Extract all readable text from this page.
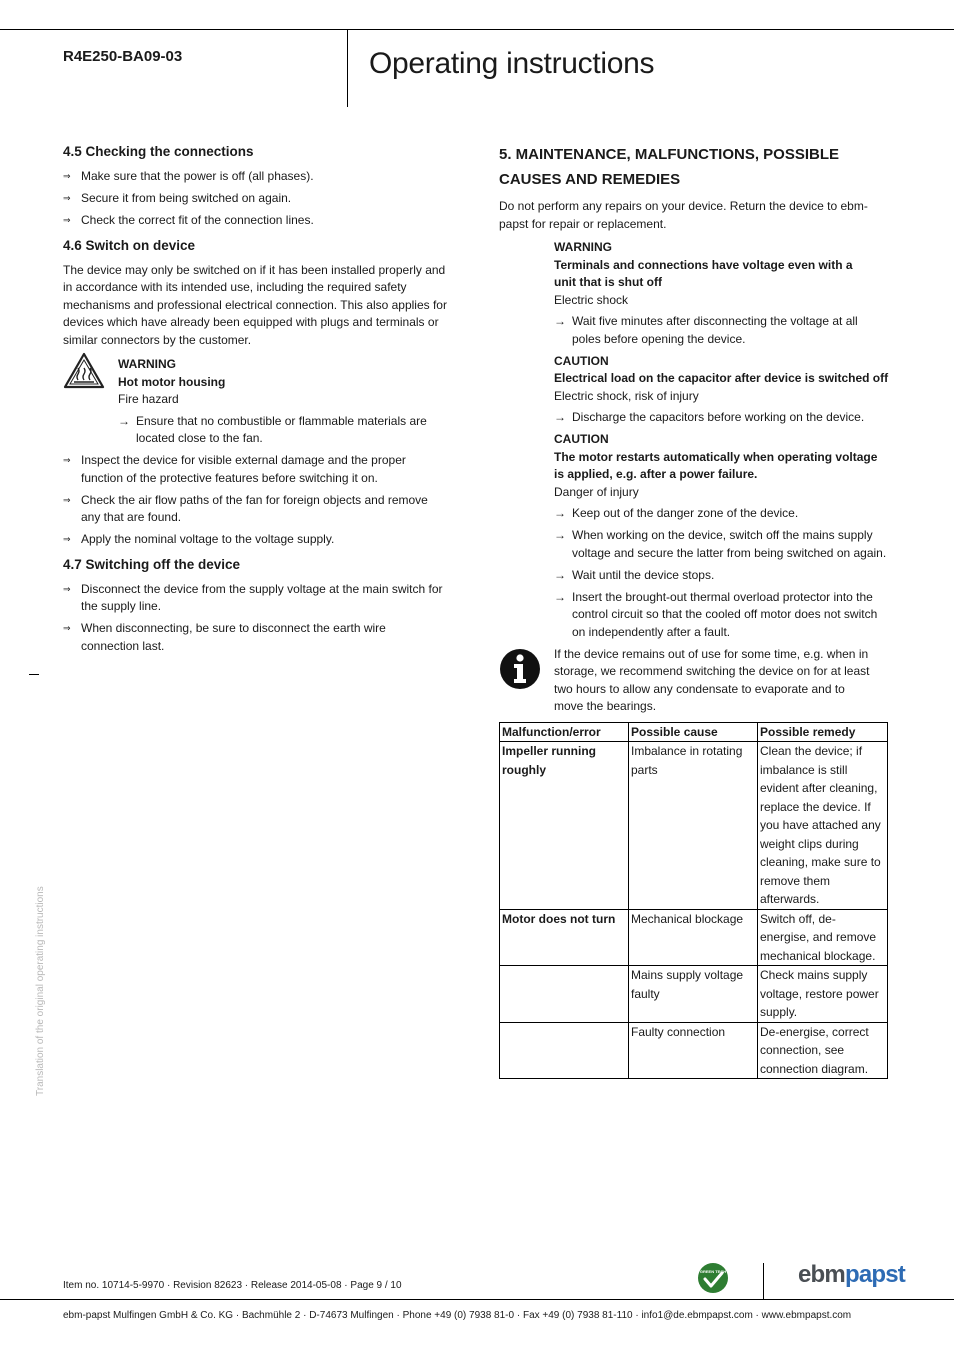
R4E250-BA09-03	Operating instructions
Translation of the original operating instructions
4.5 Checking the connections
⇒ Make sure that the power is off (all phases).
⇒ Secure it from being switched on again.
⇒ Check the correct fit of the connection lines.
4.6 Switch on device

The device may only be switched on if it has been installed properly and in accordance with its intended use, including the required safety mechanisms and professional electrical connection. This also applies for devices which have already been equipped with plugs and terminals or similar connectors by the customer.

WARNING
Hot motor housing
Fire hazard
→ Ensure that no combustible or flammable materials are located close to the fan.
⇒ Inspect the device for visible external damage and the proper function of the protective features before switching it on.
⇒ Check the air flow paths of the fan for foreign objects and remove any that are found.
⇒ Apply the nominal voltage to the voltage supply.
4.7 Switching off the device
⇒ Disconnect the device from the supply voltage at the main switch for the supply line.
⇒ When disconnecting, be sure to disconnect the earth wire connection last.
5. MAINTENANCE, MALFUNCTIONS, POSSIBLE
CAUSES AND REMEDIES

Do not perform any repairs on your device. Return the device to ebm-papst for repair or replacement.

WARNING
Terminals and connections have voltage even with a unit that is shut off
Electric shock
→ Wait five minutes after disconnecting the voltage at all poles before opening the device.
CAUTION
Electrical load on the capacitor after device is switched off
Electric shock, risk of injury
→ Discharge the capacitors before working on the device.
CAUTION
The motor restarts automatically when operating voltage is applied, e.g. after a power failure.
Danger of injury
→ Keep out of the danger zone of the device.
→ When working on the device, switch off the mains supply voltage and secure the latter from being switched on again.
→ Wait until the device stops.
→ Insert the brought-out thermal overload protector into the control circuit so that the cooled off motor does not switch on independently after a fault.

If the device remains out of use for some time, e.g. when in storage, we recommend switching the device on for at least two hours to allow any condensate to evaporate and to move the bearings.

Malfunction/error	Possible cause	Possible remedy
Impeller running roughly	Imbalance in rotating parts	Clean the device; if imbalance is still evident after cleaning, replace the device. If you have attached any weight clips during cleaning, make sure to remove them afterwards.
Motor does not turn	Mechanical blockage	Switch off, de-energise, and remove mechanical blockage.
	Mains supply voltage faulty	Check mains supply voltage, restore power supply.
	Faulty connection	De-energise, correct connection, see connection diagram.
Item no. 10714-5-9970 · Revision 82623 · Release 2014-05-08 · Page 9 / 10
GREEN TECH	ebmpapst
ebm-papst Mulfingen GmbH & Co. KG · Bachmühle 2 · D-74673 Mulfingen · Phone +49 (0) 7938 81-0 · Fax +49 (0) 7938 81-110 · info1@de.ebmpapst.com · www.ebmpapst.com
